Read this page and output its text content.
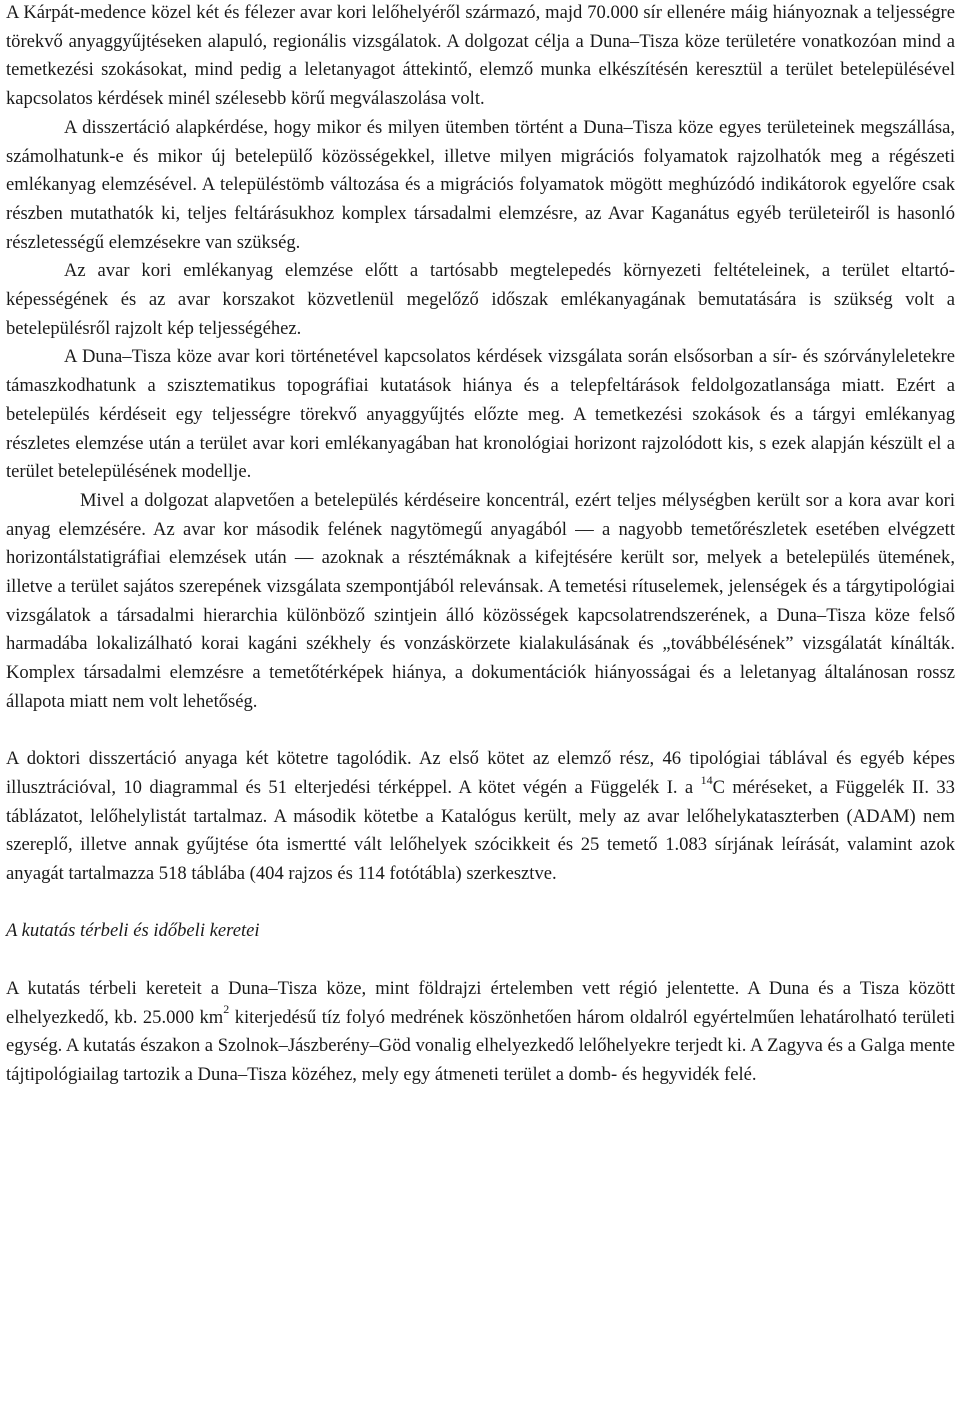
A Kárpát-medence közel két és félezer avar kori lelőhelyéről származó, majd 70.000 sír ellenére máig hiányoznak a teljességre törekvő anyaggyűjtéseken alapuló, regionális vizsgálatok. A dolgozat célja a Duna–Tisza köze területére vonatkozóan mind a temetkezési szokásokat, mind pedig a leletanyagot áttekintő, elemző munka elkészítésén keresztül a terület betelepülésével kapcsolatos kérdések minél szélesebb körű megválaszolása volt.

A disszertáció alapkérdése, hogy mikor és milyen ütemben történt a Duna–Tisza köze egyes területeinek megszállása, számolhatunk-e és mikor új betelepülő közösségekkel, illetve milyen migrációs folyamatok rajzolhatók meg a régészeti emlékanyag elemzésével. A településtömb változása és a migrációs folyamatok mögött meghúzódó indikátorok egyelőre csak részben mutathatók ki, teljes feltárásukhoz komplex társadalmi elemzésre, az Avar Kaganátus egyéb területeiről is hasonló részletességű elemzésekre van szükség.

Az avar kori emlékanyag elemzése előtt a tartósabb megtelepedés környezeti feltételeinek, a terület eltartó-képességének és az avar korszakot közvetlenül megelőző időszak emlékanyagának bemutatására is szükség volt a betelepülésről rajzolt kép teljességéhez.

A Duna–Tisza köze avar kori történetével kapcsolatos kérdések vizsgálata során elsősorban a sír- és szórványleletekre támaszkodhatunk a szisztematikus topográfiai kutatások hiánya és a telepfeltárások feldolgozatlansága miatt. Ezért a betelepülés kérdéseit egy teljességre törekvő anyaggyűjtés előzte meg. A temetkezési szokások és a tárgyi emlékanyag részletes elemzése után a terület avar kori emlékanyagában hat kronológiai horizont rajzolódott kis, s ezek alapján készült el a terület betelepülésének modellje.

Mivel a dolgozat alapvetően a betelepülés kérdéseire koncentrál, ezért teljes mélységben került sor a kora avar kori anyag elemzésére. Az avar kor második felének nagytömegű anyagából –– a nagyobb temetőrészletek esetében elvégzett horizontálstatigráfiai elemzések után –– azoknak a résztémáknak a kifejtésére került sor, melyek a betelepülés ütemének, illetve a terület sajátos szerepének vizsgálata szempontjából relevánsak. A temetési rítuselemek, jelenségek és a tárgytipológiai vizsgálatok a társadalmi hierarchia különböző szintjein álló közösségek kapcsolatrendszerének, a Duna–Tisza köze felső harmadába lokalizálható korai kagáni székhely és vonzáskörzete kialakulásának és „továbbélésének” vizsgálatát kínálták. Komplex társadalmi elemzésre a temetőtérképek hiánya, a dokumentációk hiányosságai és a leletanyag általánosan rossz állapota miatt nem volt lehetőség.

A doktori disszertáció anyaga két kötetre tagolódik. Az első kötet az elemző rész, 46 tipológiai táblával és egyéb képes illusztrációval, 10 diagrammal és 51 elterjedési térképpel. A kötet végén a Függelék I. a $^{14}$C méréseket, a Függelék II. 33 táblázatot, lelőhelylistát tartalmaz. A második kötetbe a Katalógus került, mely az avar lelőhelykataszterben (ADAM) nem szereplő, illetve annak gyűjtése óta ismertté vált lelőhelyek szócikkeit és 25 temető 1.083 sírjának leírását, valamint azok anyagát tartalmazza 518 táblába (404 rajzos és 114 fotótábla) szerkesztve.

A kutatás térbeli és időbeli keretei

A kutatás térbeli kereteit a Duna–Tisza köze, mint földrajzi értelemben vett régió jelentette. A Duna és a Tisza között elhelyezkedő, kb. 25.000 $km^2$ kiterjedésű tíz folyó medrének köszönhetően három oldalról egyértelműen lehatárolható területi egység. A kutatás északon a Szolnok–Jászberény–Göd vonalig elhelyezkedő lelőhelyekre terjedt ki. A Zagyva és a Galga mente tájtipológiailag tartozik a Duna–Tisza közéhez, mely egy átmeneti terület a domb- és hegyvidék felé.
